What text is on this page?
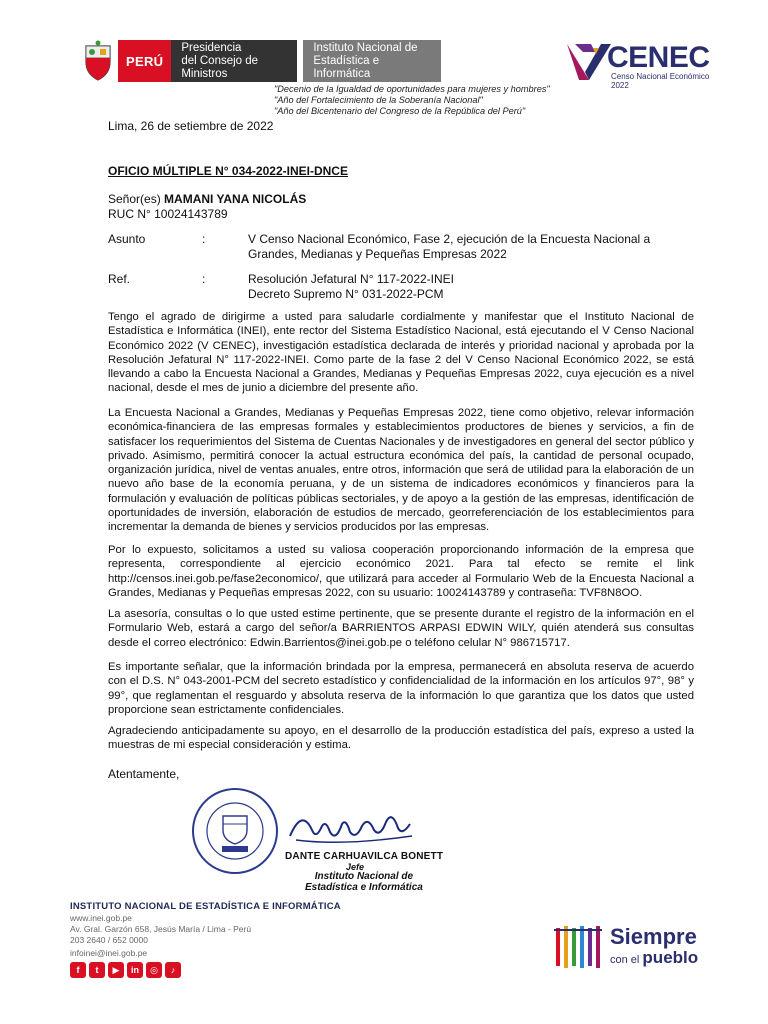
PERÚ
Presidencia
del Consejo de Ministros
Instituto Nacional de
Estadística e Informática	CENEC
Censo Nacional Económico 2022
"Decenio de la Igualdad de oportunidades para mujeres y hombres"
"Año del Fortalecimiento de la Soberanía Nacional"
"Año del Bicentenario del Congreso de la República del Perú"
Lima, 26 de setiembre de 2022
OFICIO MÚLTIPLE N° 034-2022-INEI-DNCE
Señor(es) MAMANI YANA NICOLÁS
RUC N° 10024143789
Asunto	:	V Censo Nacional Económico, Fase 2, ejecución de la Encuesta Nacional a Grandes, Medianas y Pequeñas Empresas 2022
Ref.	:	Resolución Jefatural N° 117-2022-INEI
Decreto Supremo N° 031-2022-PCM
Tengo el agrado de dirigirme a usted para saludarle cordialmente y manifestar que el Instituto Nacional de Estadística e Informática (INEI), ente rector del Sistema Estadístico Nacional, está ejecutando el V Censo Nacional Económico 2022 (V CENEC), investigación estadística declarada de interés y prioridad nacional y aprobada por la Resolución Jefatural N° 117-2022-INEI. Como parte de la fase 2 del V Censo Nacional Económico 2022, se está llevando a cabo la Encuesta Nacional a Grandes, Medianas y Pequeñas Empresas 2022, cuya ejecución es a nivel nacional, desde el mes de junio a diciembre del presente año.
La Encuesta Nacional a Grandes, Medianas y Pequeñas Empresas 2022, tiene como objetivo, relevar información económica-financiera de las empresas formales y establecimientos productores de bienes y servicios, a fin de satisfacer los requerimientos del Sistema de Cuentas Nacionales y de investigadores en general del sector público y privado. Asimismo, permitirá conocer la actual estructura económica del país, la cantidad de personal ocupado, organización jurídica, nivel de ventas anuales, entre otros, información que será de utilidad para la elaboración de un nuevo año base de la economía peruana, y de un sistema de indicadores económicos y financieros para la formulación y evaluación de políticas públicas sectoriales, y de apoyo a la gestión de las empresas, identificación de oportunidades de inversión, elaboración de estudios de mercado, georreferenciación de los establecimientos para incrementar la demanda de bienes y servicios producidos por las empresas.
Por lo expuesto, solicitamos a usted su valiosa cooperación proporcionando información de la empresa que representa, correspondiente al ejercicio económico 2021. Para tal efecto se remite el link http://censos.inei.gob.pe/fase2economico/, que utilizará para acceder al Formulario Web de la Encuesta Nacional a Grandes, Medianas y Pequeñas empresas 2022, con su usuario: 10024143789 y contraseña: TVF8N8OO.
La asesoría, consultas o lo que usted estime pertinente, que se presente durante el registro de la información en el Formulario Web, estará a cargo del señor/a BARRIENTOS ARPASI EDWIN WILY, quién atenderá sus consultas desde el correo electrónico: Edwin.Barrientos@inei.gob.pe o teléfono celular N° 986715717.
Es importante señalar, que la información brindada por la empresa, permanecerá en absoluta reserva de acuerdo con el D.S. N° 043-2001-PCM del secreto estadístico y confidencialidad de la información en los artículos 97°, 98° y 99°, que reglamentan el resguardo y absoluta reserva de la información lo que garantiza que los datos que usted proporcione sean estrictamente confidenciales.
Agradeciendo anticipadamente su apoyo, en el desarrollo de la producción estadística del país, expreso a usted la muestras de mi especial consideración y estima.
Atentamente,
DANTE CARHUAVILCA BONETT
Jefe
Instituto Nacional de
Estadística e Informática
INSTITUTO NACIONAL DE ESTADÍSTICA E INFORMÁTICA
www.inei.gob.pe
Av. Gral. Garzón 658, Jesús María / Lima - Perú
203 2640 / 652 0000
infoinei@inei.gob.pe
f	t	▶	in	◎	♪
Siempre
con el pueblo
